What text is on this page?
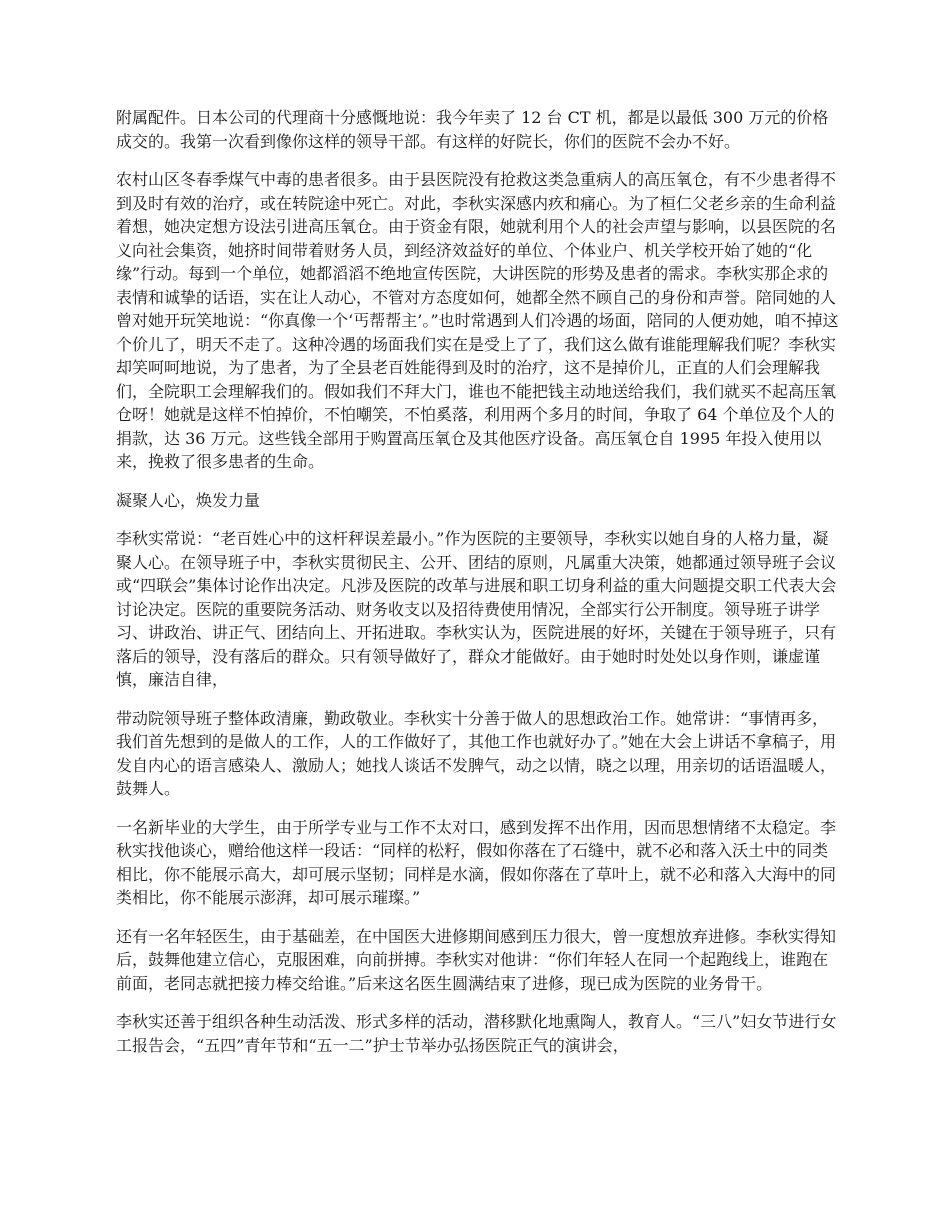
附属配件。日本公司的代理商十分感慨地说：我今年卖了 12 台 CT 机，都是以最低 300 万元的价格成交的。我第一次看到像你这样的领导干部。有这样的好院长，你们的医院不会办不好。

农村山区冬春季煤气中毒的患者很多。由于县医院没有抢救这类急重病人的高压氧仓，有不少患者得不到及时有效的治疗，或在转院途中死亡。对此，李秋实深感内疚和痛心。为了桓仁父老乡亲的生命利益着想，她决定想方设法引进高压氧仓。由于资金有限，她就利用个人的社会声望与影响，以县医院的名义向社会集资，她挤时间带着财务人员，到经济效益好的单位、个体业户、机关学校开始了她的“化缘”行动。每到一个单位，她都滔滔不绝地宣传医院，大讲医院的形势及患者的需求。李秋实那企求的表情和诚挚的话语，实在让人动心，不管对方态度如何，她都全然不顾自己的身份和声誉。陪同她的人曾对她开玩笑地说：“你真像一个‘丐帮帮主’。”也时常遇到人们冷遇的场面，陪同的人便劝她，咱不掉这个价儿了，明天不走了。这种冷遇的场面我们实在是受上了了，我们这么做有谁能理解我们呢？李秋实却笑呵呵地说，为了患者，为了全县老百姓能得到及时的治疗，这不是掉价儿，正直的人们会理解我们，全院职工会理解我们的。假如我们不拜大门，谁也不能把钱主动地送给我们，我们就买不起高压氧仓呀！她就是这样不怕掉价，不怕嘲笑，不怕奚落，利用两个多月的时间，争取了 64 个单位及个人的捐款，达 36 万元。这些钱全部用于购置高压氧仓及其他医疗设备。高压氧仓自 1995 年投入使用以来，挽救了很多患者的生命。

凝聚人心，焕发力量

李秋实常说：“老百姓心中的这杆秤误差最小。”作为医院的主要领导，李秋实以她自身的人格力量，凝聚人心。在领导班子中，李秋实贯彻民主、公开、团结的原则，凡属重大决策，她都通过领导班子会议或“四联会”集体讨论作出决定。凡涉及医院的改革与进展和职工切身利益的重大问题提交职工代表大会讨论决定。医院的重要院务活动、财务收支以及招待费使用情况，全部实行公开制度。领导班子讲学习、讲政治、讲正气、团结向上、开拓进取。李秋实认为，医院进展的好坏，关键在于领导班子，只有落后的领导，没有落后的群众。只有领导做好了，群众才能做好。由于她时时处处以身作则，谦虚谨慎，廉洁自律，

带动院领导班子整体政清廉，勤政敬业。李秋实十分善于做人的思想政治工作。她常讲：“事情再多，我们首先想到的是做人的工作，人的工作做好了，其他工作也就好办了。”她在大会上讲话不拿稿子，用发自内心的语言感染人、激励人；她找人谈话不发脾气，动之以情，晓之以理，用亲切的话语温暖人，鼓舞人。

一名新毕业的大学生，由于所学专业与工作不太对口，感到发挥不出作用，因而思想情绪不太稳定。李秋实找他谈心，赠给他这样一段话：“同样的松籽，假如你落在了石缝中，就不必和落入沃土中的同类相比，你不能展示高大，却可展示坚韧；同样是水滴，假如你落在了草叶上，就不必和落入大海中的同类相比，你不能展示澎湃，却可展示璀璨。”

还有一名年轻医生，由于基础差，在中国医大进修期间感到压力很大，曾一度想放弃进修。李秋实得知后，鼓舞他建立信心，克服困难，向前拼搏。李秋实对他讲：“你们年轻人在同一个起跑线上，谁跑在前面，老同志就把接力棒交给谁。”后来这名医生圆满结束了进修，现已成为医院的业务骨干。

李秋实还善于组织各种生动活泼、形式多样的活动，潜移默化地熏陶人，教育人。“三八”妇女节进行女工报告会，“五四”青年节和“五一二”护士节举办弘扬医院正气的演讲会，
